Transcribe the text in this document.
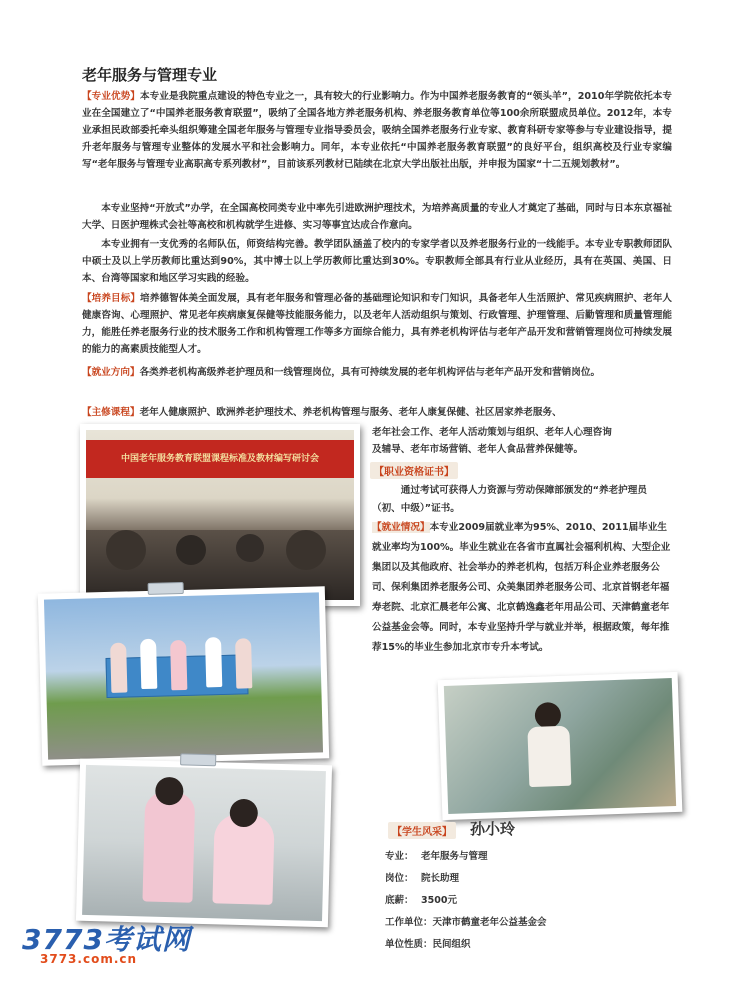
老年服务与管理专业
【专业优势】本专业是我院重点建设的特色专业之一，具有较大的行业影响力。作为中国养老服务教育的“领头羊”，2010年学院依托本专业在全国建立了“中国养老服务教育联盟”，吸纳了全国各地方养老服务机构、养老服务教育单位等100余所联盟成员单位。2012年，本专业承担民政部委托牵头组织筹建全国老年服务与管理专业指导委员会，吸纳全国养老服务行业专家、教育科研专家等参与专业建设指导，提升老年服务与管理专业整体的发展水平和社会影响力。同年，本专业依托“中国养老服务教育联盟”的良好平台，组织高校及行业专家编写“老年服务与管理专业高职高专系列教材”，目前该系列教材已陆续在北京大学出版社出版，并申报为国家“十二五规划教材”。
本专业坚持“开放式”办学，在全国高校同类专业中率先引进欧洲护理技术，为培养高质量的专业人才奠定了基础，同时与日本东京福祉大学、日医护理株式会社等高校和机构就学生进修、实习等事宜达成合作意向。
本专业拥有一支优秀的名师队伍，师资结构完善。教学团队涵盖了校内的专家学者以及养老服务行业的一线能手。本专业专职教师团队中硕士及以上学历教师比重达到90%，其中博士以上学历教师比重达到30%。专职教师全部具有行业从业经历，具有在英国、美国、日本、台湾等国家和地区学习实践的经验。
【培养目标】培养德智体美全面发展，具有老年服务和管理必备的基础理论知识和专门知识，具备老年人生活照护、常见疾病照护、老年人健康咨询、心理照护、常见老年疾病康复保健等技能服务能力，以及老年人活动组织与策划、行政管理、护理管理、后勤管理和质量管理能力，能胜任养老服务行业的技术服务工作和机构管理工作等多方面综合能力，具有养老机构评估与老年产品开发和营销管理岗位可持续发展的能力的高素质技能型人才。
【就业方向】各类养老机构高级养老护理员和一线管理岗位，具有可持续发展的老年机构评估与老年产品开发和营销岗位。
【主修课程】老年人健康照护、欧洲养老护理技术、养老机构管理与服务、老年人康复保健、社区居家养老服务、
老年社会工作、老年人活动策划与组织、老年人心理咨询
及辅导、老年市场营销、老年人食品营养保健等。
【职业资格证书】
通过考试可获得人力资源与劳动保障部颁发的“养老护理员（初、中级）”证书。
【就业情况】本专业2009届就业率为95%、2010、2011届毕业生就业率均为100%。毕业生就业在各省市直属社会福利机构、大型企业集团以及其他政府、社会举办的养老机构，包括万科企业养老服务公司、保利集团养老服务公司、众美集团养老服务公司、北京首钢老年福寿老院、北京汇晨老年公寓、北京鹤逸鑫老年用品公司、天津鹤童老年公益基金会等。同时，本专业坚持升学与就业并举，根据政策，每年推荐15%的毕业生参加北京市专升本考试。
中国老年服务教育联盟课程标准及教材编写研讨会
【学生风采】 孙小玲
专业： 老年服务与管理
岗位： 院长助理
底薪： 3500元
工作单位：天津市鹤童老年公益基金会
单位性质：民间组织
3773考试网
3773.com.cn
